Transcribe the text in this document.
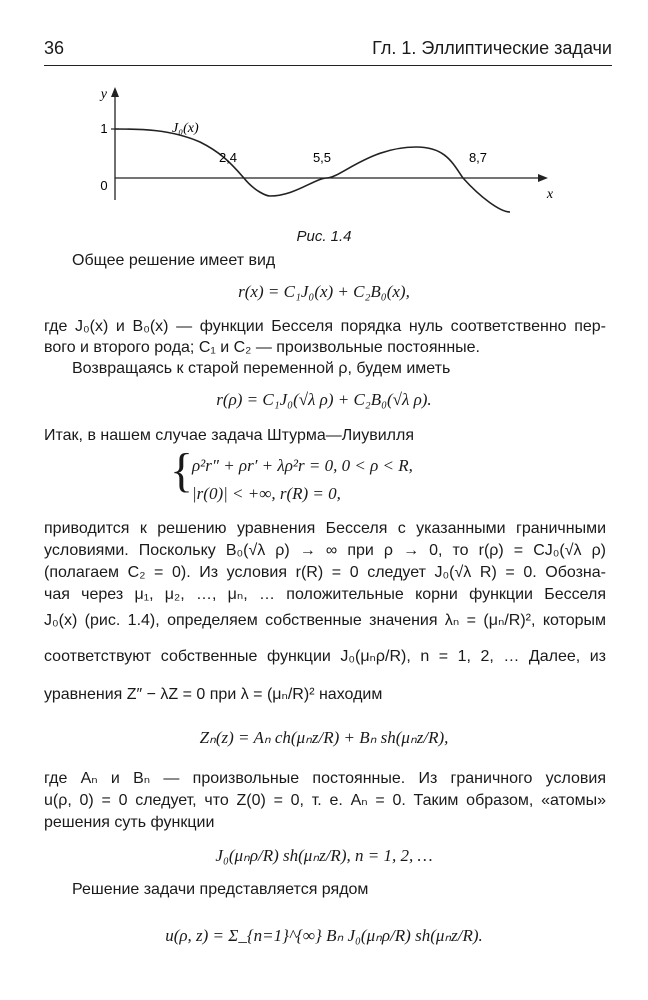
36	Гл. 1. Эллиптические задачи
y
x
1
0
J₀(x)
2,4	5,5	8,7
Рис. 1.4
Общее решение имеет вид
r(x) = C₁J₀(x) + C₂B₀(x),
где J₀(x) и B₀(x) — функции Бесселя порядка нуль соответственно пер-
вого и второго рода; C₁ и C₂ — произвольные постоянные.
Возвращаясь к старой переменной ρ, будем иметь
r(ρ) = C₁J₀(√λ ρ) + C₂B₀(√λ ρ).
Итак, в нашем случае задача Штурма—Лиувилля
{
ρ²r″ + ρr′ + λρ²r = 0, 0 < ρ < R,
|r(0)| < +∞, r(R) = 0,
приводится к решению уравнения Бесселя с указанными граничными
условиями. Поскольку B₀(√λ ρ) → ∞ при ρ → 0, то r(ρ) = CJ₀(√λ ρ)
(полагаем C₂ = 0). Из условия r(R) = 0 следует J₀(√λ R) = 0. Обозна-
чая через μ₁, μ₂, …, μₙ, … положительные корни функции Бесселя
J₀(x) (рис. 1.4), определяем собственные значения λₙ = (μₙ/R)², которым
соответствуют собственные функции J₀(μₙρ/R), n = 1, 2, … Далее, из
уравнения Z″ − λZ = 0 при λ = (μₙ/R)² находим
Zₙ(z) = Aₙ ch(μₙz/R) + Bₙ sh(μₙz/R),
где Aₙ и Bₙ — произвольные постоянные. Из граничного условия
u(ρ, 0) = 0 следует, что Z(0) = 0, т. е. Aₙ = 0. Таким образом, «атомы»
решения суть функции
J₀(μₙρ/R) sh(μₙz/R), n = 1, 2, …
Решение задачи представляется рядом
u(ρ, z) = Σ_{n=1}^{∞} Bₙ J₀(μₙρ/R) sh(μₙz/R).
